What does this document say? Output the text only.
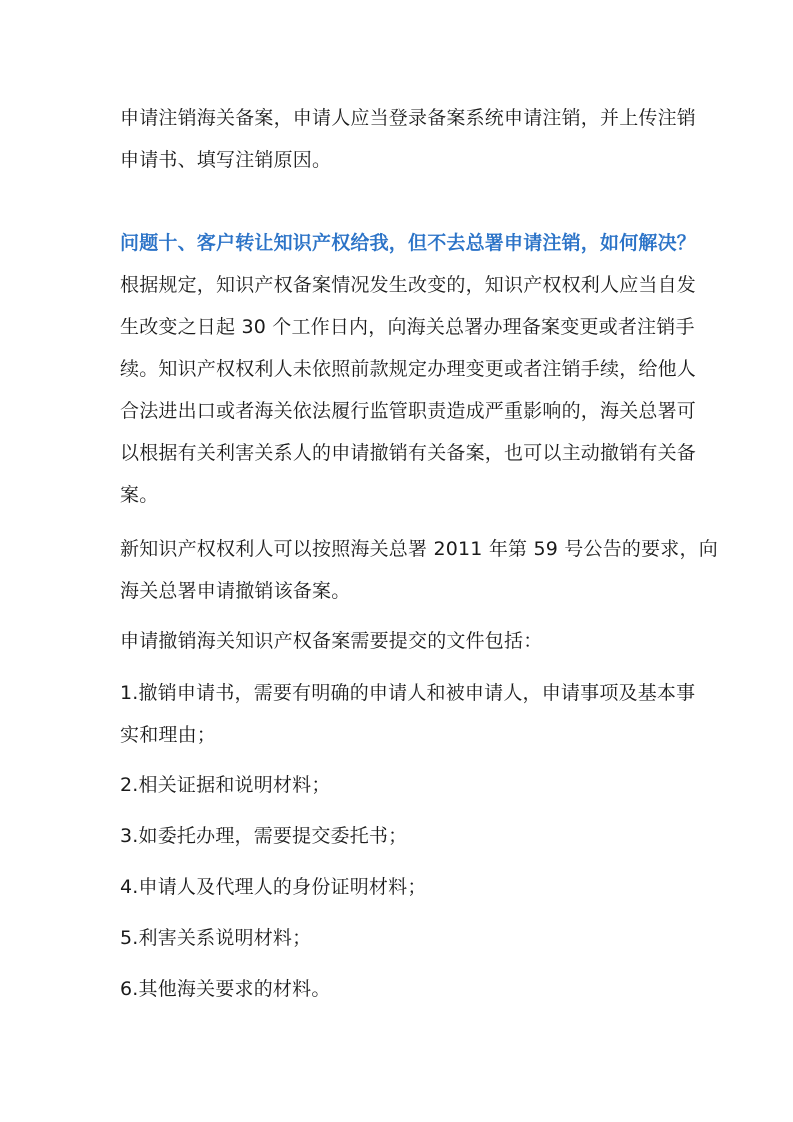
申请注销海关备案，申请人应当登录备案系统申请注销，并上传注销
申请书、填写注销原因。

问题十、客户转让知识产权给我，但不去总署申请注销，如何解决？

根据规定，知识产权备案情况发生改变的，知识产权权利人应当自发
生改变之日起 30 个工作日内，向海关总署办理备案变更或者注销手
续。知识产权权利人未依照前款规定办理变更或者注销手续，给他人
合法进出口或者海关依法履行监管职责造成严重影响的，海关总署可
以根据有关利害关系人的申请撤销有关备案，也可以主动撤销有关备
案。

新知识产权权利人可以按照海关总署 2011 年第 59 号公告的要求，向
海关总署申请撤销该备案。

申请撤销海关知识产权备案需要提交的文件包括：

1.撤销申请书，需要有明确的申请人和被申请人，申请事项及基本事
实和理由；

2.相关证据和说明材料；

3.如委托办理，需要提交委托书；

4.申请人及代理人的身份证明材料；

5.利害关系说明材料；

6.其他海关要求的材料。
